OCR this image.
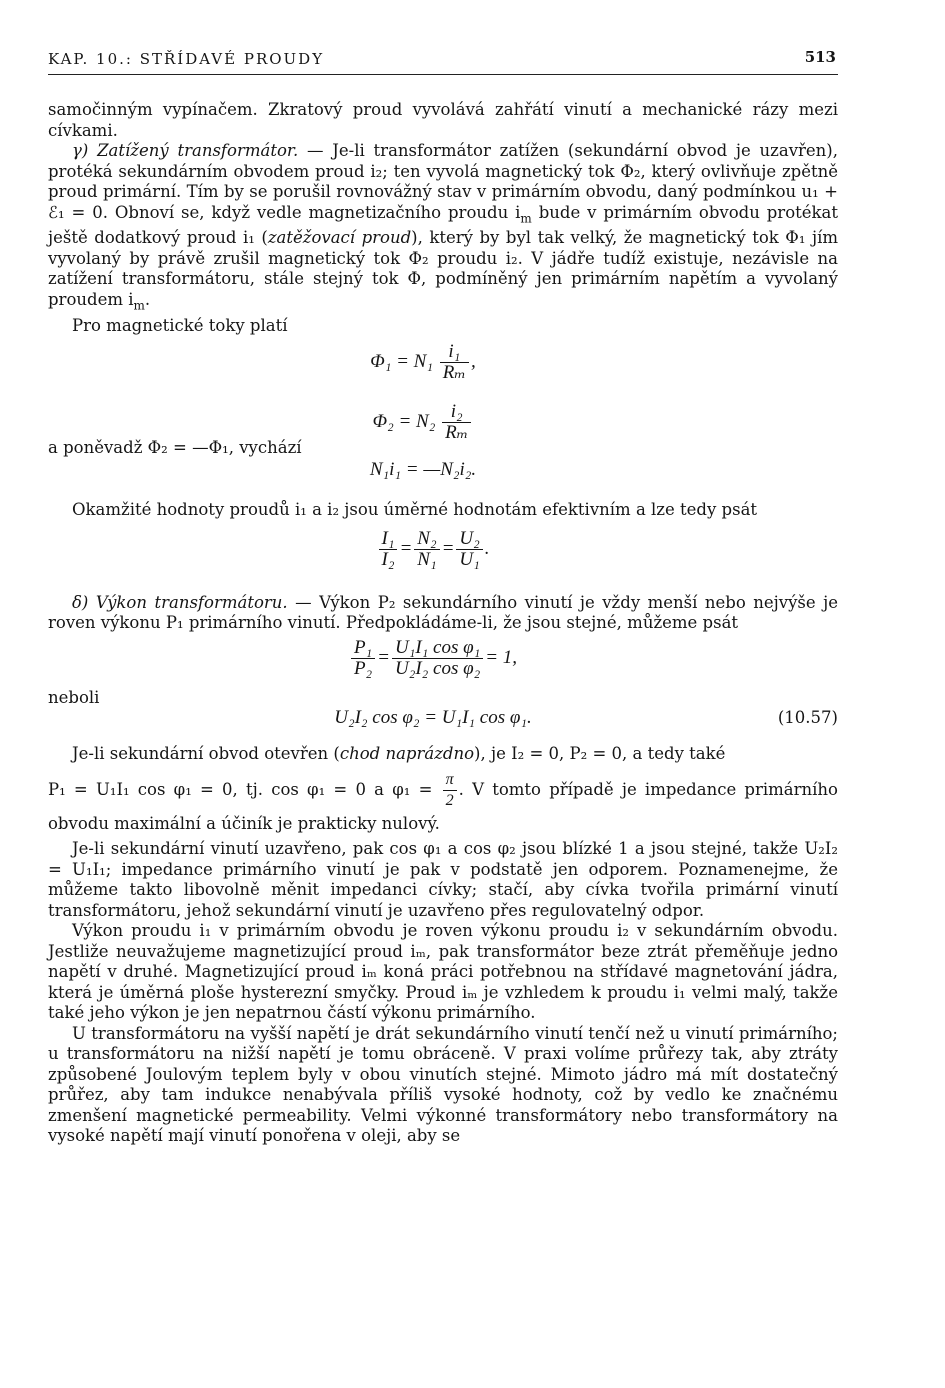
KAP. 10.: STŘÍDAVÉ PROUDY	513

samočinným vypínačem. Zkratový proud vyvolává zahřátí vinutí a mechanické rázy mezi cívkami.

γ) Zatížený transformátor. — Je-li transformátor zatížen (sekundární obvod je uzavřen), protéká sekundárním obvodem proud i₂; ten vyvolá magnetický tok Φ₂, který ovlivňuje zpětně proud primární. Tím by se porušil rovnovážný stav v primárním obvodu, daný podmínkou u₁ + ℰ₁ = 0. Obnoví se, když vedle magnetizačního proudu $i_m$ bude v primárním obvodu protékat ještě dodatkový proud i₁ (zatěžovací proud), který by byl tak velký, že magnetický tok Φ₁ jím vyvolaný by právě zrušil magnetický tok Φ₂ proudu i₂. V jádře tudíž existuje, nezávisle na zatížení transformátoru, stále stejný tok Φ, podmíněný jen primárním napětím a vyvolaný proudem $i_m$.

Pro magnetické toky platí

$\Phi_1 = N_1 \frac{\text{i₁}}{\text{Rₘ}}$ ,
$\Phi_2 = N_2 \frac{\text{i₂}}{\text{Rₘ}}$
a poněvadž Φ₂ = —Φ₁, vychází
N₁i₁ = —N₂i₂.

Okamžité hodnoty proudů i₁ a i₂ jsou úměrné hodnotám efektivním a lze tedy psát

$\frac{\text{I₁}}{\text{I₂}} = \frac{\text{N₂}}{\text{N₁}} = \frac{\text{U₂}}{\text{U₁}}$ .

δ) Výkon transformátoru. — Výkon P₂ sekundárního vinutí je vždy menší nebo nejvýše je roven výkonu P₁ primárního vinutí. Předpokládáme-li, že jsou stejné, můžeme psát

$\frac{\text{P₁}}{\text{P₂}} = \frac{\text{U₁I₁ cos φ₁}}{\text{U₂I₂ cos φ₂}} = 1$,
neboli
U₂I₂ cos φ₂ = U₁I₁ cos φ₁.	(10.57)

Je-li sekundární obvod otevřen (chod naprázdno), je I₂ = 0, P₂ = 0, a tedy také

P₁ = U₁I₁ cos φ₁ = 0, tj. cos φ₁ = 0 a $\varphi_1 = \frac{\pi}{2}$ . V tomto případě je impedance primárního obvodu maximální a účiník je prakticky nulový.

Je-li sekundární vinutí uzavřeno, pak cos φ₁ a cos φ₂ jsou blízké 1 a jsou stejné, takže U₂I₂ = U₁I₁; impedance primárního vinutí je pak v podstatě jen odporem. Poznamenejme, že můžeme takto libovolně měnit impedanci cívky; stačí, aby cívka tvořila primární vinutí transformátoru, jehož sekundární vinutí je uzavřeno přes regulovatelný odpor.

Výkon proudu i₁ v primárním obvodu je roven výkonu proudu i₂ v sekundárním obvodu. Jestliže neuvažujeme magnetizující proud iₘ, pak transformátor beze ztrát přeměňuje jedno napětí v druhé. Magnetizující proud iₘ koná práci potřebnou na střídavé magnetování jádra, která je úměrná ploše hysterezní smyčky. Proud iₘ je vzhledem k proudu i₁ velmi malý, takže také jeho výkon je jen nepatrnou částí výkonu primárního.

U transformátoru na vyšší napětí je drát sekundárního vinutí tenčí než u vinutí primárního; u transformátoru na nižší napětí je tomu obráceně. V praxi volíme průřezy tak, aby ztráty způsobené Joulovým teplem byly v obou vinutích stejné. Mimoto jádro má mít dostatečný průřez, aby tam indukce nenabývala příliš vysoké hodnoty, což by vedlo ke značnému zmenšení magnetické permeability. Velmi výkonné transformátory nebo transformátory na vysoké napětí mají vinutí ponořena v oleji, aby se
